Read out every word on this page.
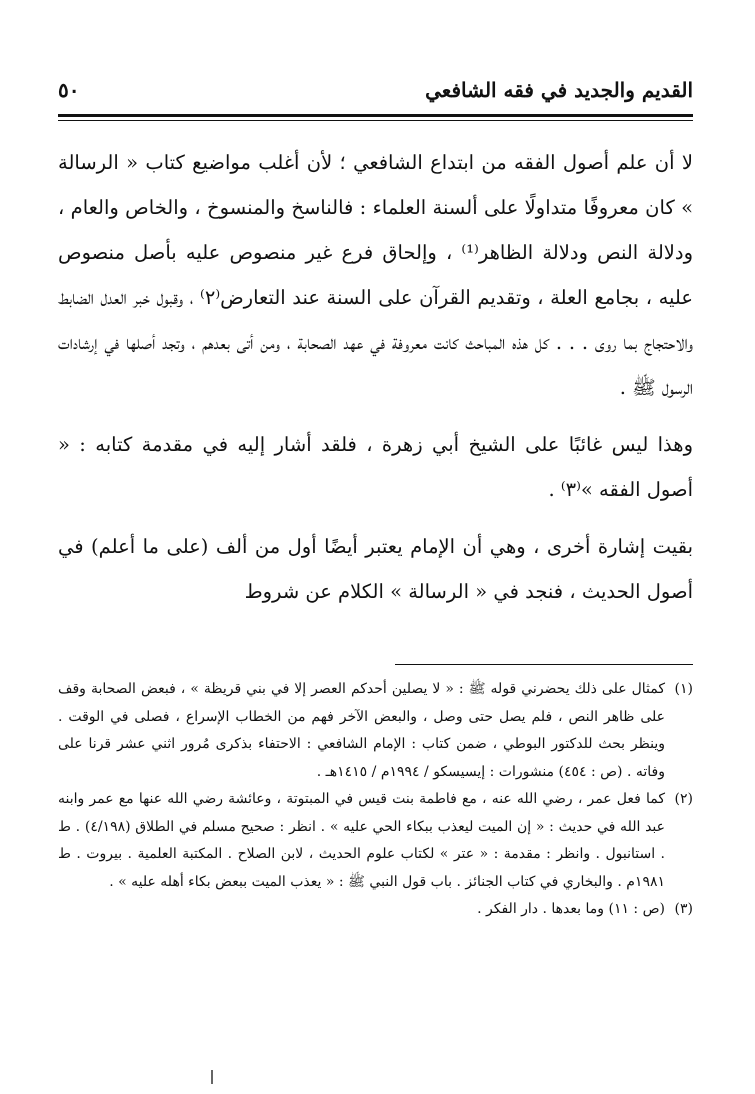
القديم والجديد في فقه الشافعي
٥٠

لا أن علم أصول الفقه من ابتداع الشافعي ؛ لأن أغلب مواضيع كتاب « الرسالة » كان معروفًا متداولًا على ألسنة العلماء : فالناسخ والمنسوخ ، والخاص والعام ، ودلالة النص ودلالة الظاهر⁽¹⁾ ، وإلحاق فرع غير منصوص عليه بأصل منصوص عليه ، بجامع العلة ، وتقديم القرآن على السنة عند التعارض⁽٢⁾ ، وقبول خبر العدل الضابط والاحتجاج بما روى . . . كل هذه المباحث كانت معروفة في عهد الصحابة ، ومن أتى بعدهم ، وتجد أصلها في إرشادات الرسول ﷺ .

وهذا ليس غائبًا على الشيخ أبي زهرة ، فلقد أشار إليه في مقدمة كتابه : « أصول الفقه »⁽٣⁾ .

بقيت إشارة أخرى ، وهي أن الإمام يعتبر أيضًا أول من ألف (على ما أعلم) في أصول الحديث ، فنجد في « الرسالة » الكلام عن شروط

(١)
كمثال على ذلك يحضرني قوله ﷺ : « لا يصلين أحدكم العصر إلا في بني قريظة » ، فبعض الصحابة وقف على ظاهر النص ، فلم يصل حتى وصل ، والبعض الآخر فهم من الخطاب الإسراع ، فصلى في الوقت . وينظر بحث للدكتور البوطي ، ضمن كتاب : الإمام الشافعي : الاحتفاء بذكرى مُرور اثني عشر قرنا على وفاته . (ص : ٤٥٤) منشورات : إيسيسكو / ١٩٩٤م / ١٤١٥هـ .
(٢)
كما فعل عمر ، رضي الله عنه ، مع فاطمة بنت قيس في المبتوتة ، وعائشة رضي الله عنها مع عمر وابنه عبد الله في حديث : « إن الميت ليعذب ببكاء الحي عليه » . انظر : صحيح مسلم في الطلاق (٤/١٩٨) . ط . استانبول . وانظر : مقدمة : « عتر » لكتاب علوم الحديث ، لابن الصلاح . المكتبة العلمية . بيروت . ط ١٩٨١م . والبخاري في كتاب الجنائز . باب قول النبي ﷺ : « يعذب الميت ببعض بكاء أهله عليه » .
(٣)
(ص : ١١) وما بعدها . دار الفكر .
